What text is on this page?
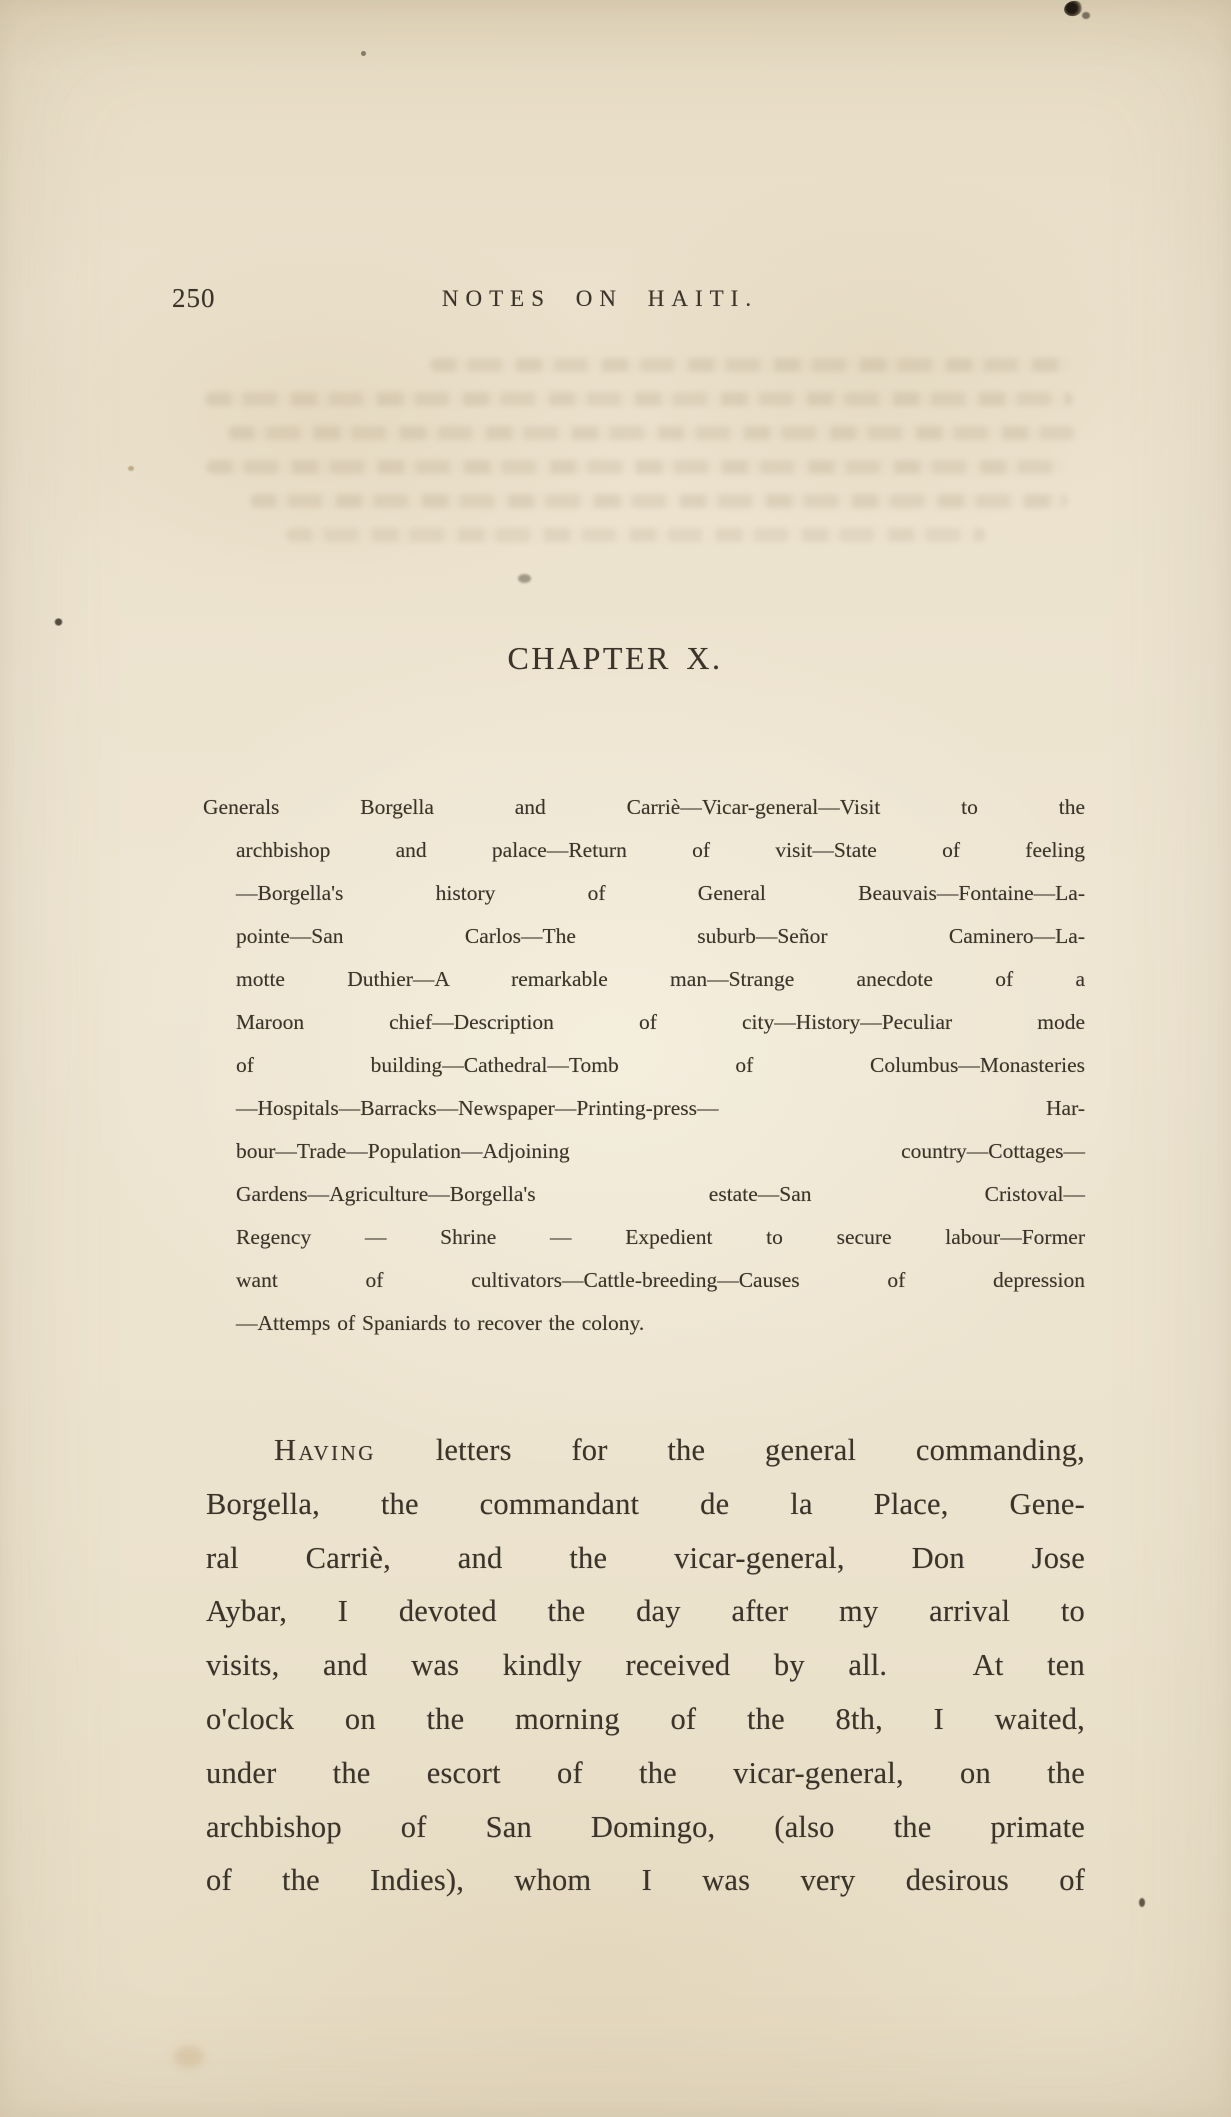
250	NOTES ON HAITI.
CHAPTER X.
Generals Borgella and Carriè—Vicar-general—Visit to the
archbishop and palace—Return of visit—State of feeling
—Borgella's history of General Beauvais—Fontaine—La-
pointe—San Carlos—The suburb—Señor Caminero—La-
motte Duthier—A remarkable man—Strange anecdote of a
Maroon chief—Description of city—History—Peculiar mode
of building—Cathedral—Tomb of Columbus—Monasteries
—Hospitals—Barracks—Newspaper—Printing-press— Har-
bour—Trade—Population—Adjoining country—Cottages—
Gardens—Agriculture—Borgella's estate—San Cristoval—
Regency — Shrine — Expedient to secure labour—Former
want of cultivators—Cattle-breeding—Causes of depression
—Attemps of Spaniards to recover the colony.
Having letters for the general commanding,
Borgella, the commandant de la Place, Gene-
ral Carriè, and the vicar-general, Don Jose
Aybar, I devoted the day after my arrival to
visits, and was kindly received by all.  At ten
o'clock on the morning of the 8th, I waited,
under the escort of the vicar-general, on the
archbishop of San Domingo, (also the primate
of the Indies), whom I was very desirous of
